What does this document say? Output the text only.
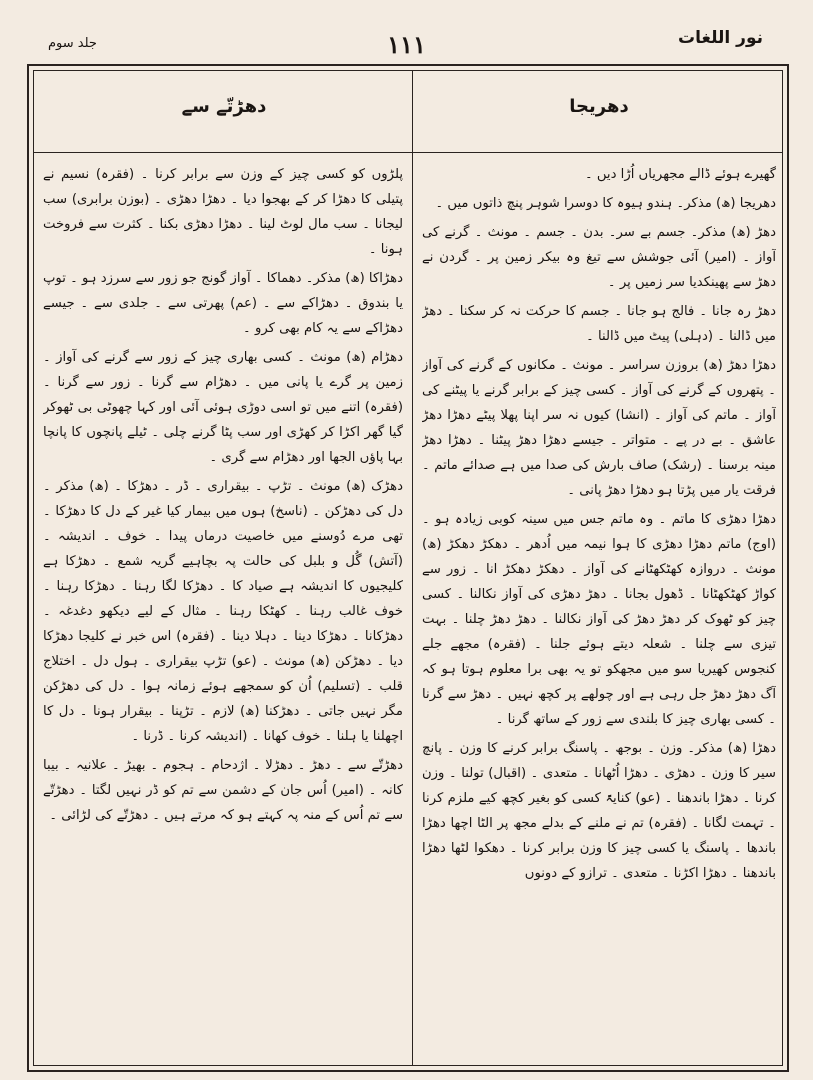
جلد سوم	۱۱۱	نور اللغات
دھڑتّے سے	دھریجا

گھیرے ہوئے ڈالے مجھریاں اُڑا دیں ۔

دھریجا (ھ) مذکر۔ ہندو ہیوہ کا دوسرا شوہر پنچ ذاتوں میں ۔

دھڑ (ھ) مذکر۔ جسم بے سر۔ بدن ۔ جسم ۔ مونث ۔ گرنے کی آواز ۔ (امیر) آئی جوشش سے تیغ وہ بیکر زمین پر ۔ گردن نے دھڑ سے پھینکدیا سر زمیں پر ۔

دھڑ رہ جانا ۔ فالج ہو جانا ۔ جسم کا حرکت نہ کر سکنا ۔ دھڑ میں ڈالنا ۔ (دہلی) پیٹ میں ڈالنا ۔

دھڑا دھڑ (ھ) بروزن سراسر ۔ مونث ۔ مکانوں کے گرنے کی آواز ۔ پتھروں کے گرنے کی آواز ۔ کسی چیز کے برابر گرنے یا پیٹنے کی آواز ۔ ماتم کی آواز ۔ (انشا) کیوں نہ سر اپنا پھلا پیٹے دھڑا دھڑ عاشق ۔ بے در پے ۔ متواتر ۔ جیسے دھڑا دھڑ پیٹنا ۔ دھڑا دھڑ مینہ برسنا ۔ (رشک) صاف بارش کی صدا میں ہے صدائے ماتم ۔ فرقت یار میں پڑتا ہو دھڑا دھڑ پانی ۔

دھڑا دھڑی کا ماتم ۔ وہ ماتم جس میں سینہ کوبی زیادہ ہو ۔ (اوج) ماتم دھڑا دھڑی کا ہوا نیمہ میں اُدھر ۔ دھکڑ دھکڑ (ھ) مونث ۔ دروازہ کھٹکھٹانے کی آواز ۔ دھکڑ دھکڑ انا ۔ زور سے کواڑ کھٹکھٹانا ۔ ڈھول بجانا ۔ دھڑ دھڑی کی آواز نکالنا ۔ کسی چیز کو ٹھوک کر دھڑ دھڑ کی آواز نکالنا ۔ دھڑ دھڑ چلنا ۔ بہت تیزی سے چلنا ۔ شعلہ دیتے ہوئے جلنا ۔ (فقرہ) مجھے جلے کنجوس کھیریا سو میں مجھکو تو یہ بھی برا معلوم ہوتا ہو کہ آگ دھڑ دھڑ جل رہی ہے اور چولھے پر کچھ نہیں ۔ دھڑ سے گرنا ۔ کسی بھاری چیز کا بلندی سے زور کے ساتھ گرنا ۔

دھڑا (ھ) مذکر۔ وزن ۔ بوجھ ۔ پاسنگ برابر کرنے کا وزن ۔ پانچ سیر کا وزن ۔ دھڑی ۔ دھڑا اُٹھانا ۔ متعدی ۔ (اقبال) تولنا ۔ وزن کرنا ۔ دھڑا باندھنا ۔ (عو) کنایۃً کسی کو بغیر کچھ کیے ملزم کرنا ۔ تہمت لگانا ۔ (فقرہ) تم نے ملنے کے بدلے مجھ پر الٹا اچھا دھڑا باندھا ۔ پاسنگ یا کسی چیز کا وزن برابر کرنا ۔ دھکوا لٹھا دھڑا باندھنا ۔ دھڑا اکڑنا ۔ متعدی ۔ ترازو کے دونوں

پلڑوں کو کسی چیز کے وزن سے برابر کرنا ۔ (فقرہ) نسیم نے پتیلی کا دھڑا کر کے بھجوا دیا ۔ دھڑا دھڑی ۔ (بوزن برابری) سب لیجانا ۔ سب مال لوٹ لینا ۔ دھڑا دھڑی بکنا ۔ کثرت سے فروخت ہونا ۔

دھڑاکا (ھ) مذکر۔ دھماکا ۔ آواز گونج جو زور سے سرزد ہو ۔ توپ یا بندوق ۔ دھڑاکے سے ۔ (عم) پھرتی سے ۔ جلدی سے ۔ جیسے دھڑاکے سے یہ کام بھی کرو ۔

دھڑام (ھ) مونث ۔ کسی بھاری چیز کے زور سے گرنے کی آواز ۔ زمین پر گرے یا پانی میں ۔ دھڑام سے گرنا ۔ زور سے گرنا ۔ (فقرہ) اتنے میں تو اسی دوڑی ہوئی آئی اور کہا چھوٹی بی ٹھوکر گیا گھر اکڑا کر کھڑی اور سب پٹا گرنے چلی ۔ ٹیلے پانچوں کا پانچا بہا پاؤں الجھا اور دھڑام سے گری ۔

دھڑک (ھ) مونث ۔ تڑپ ۔ بیقراری ۔ ڈر ۔ دھڑکا ۔ (ھ) مذکر ۔ دل کی دھڑکن ۔ (ناسخ) ہوں میں بیمار کیا غیر کے دل کا دھڑکا ۔ تھی مرے دُوسنے میں خاصیت درماں پیدا ۔ خوف ۔ اندیشہ ۔ (آتش) گُل و بلبل کی حالت پہ بچاہیے گریہ شمع ۔ دھڑکا ہے کلیجیوں کا اندیشہ ہے صیاد کا ۔ دھڑکا لگا رہنا ۔ دھڑکا رہنا ۔ خوف غالب رہنا ۔ کھٹکا رہنا ۔ مثال کے لیے دیکھو دغدغہ ۔ دھڑکانا ۔ دھڑکا دینا ۔ دہلا دینا ۔ (فقرہ) اس خبر نے کلیجا دھڑکا دیا ۔ دھڑکن (ھ) مونث ۔ (عو) تڑپ بیقراری ۔ ہول دل ۔ اختلاج قلب ۔ (تسلیم) اُن کو سمجھے ہوئے زمانہ ہوا ۔ دل کی دھڑکن مگر نہیں جاتی ۔ دھڑکنا (ھ) لازم ۔ تڑپنا ۔ بیقرار ہونا ۔ دل کا اچھلنا یا ہلنا ۔ خوف کھانا ۔ (اندیشہ کرنا ۔ ڈرنا ۔

دھڑتّے سے ۔ دھڑ ۔ دھڑلا ۔ اژدحام ۔ ہجوم ۔ بھیڑ ۔ علانیہ ۔ بیبا کانہ ۔ (امیر) اُس جان کے دشمن سے تم کو ڈر نہیں لگتا ۔ دھڑتّے سے تم اُس کے منہ پہ کہتے ہو کہ مرتے ہیں ۔ دھڑتّے کی لڑائی ۔
